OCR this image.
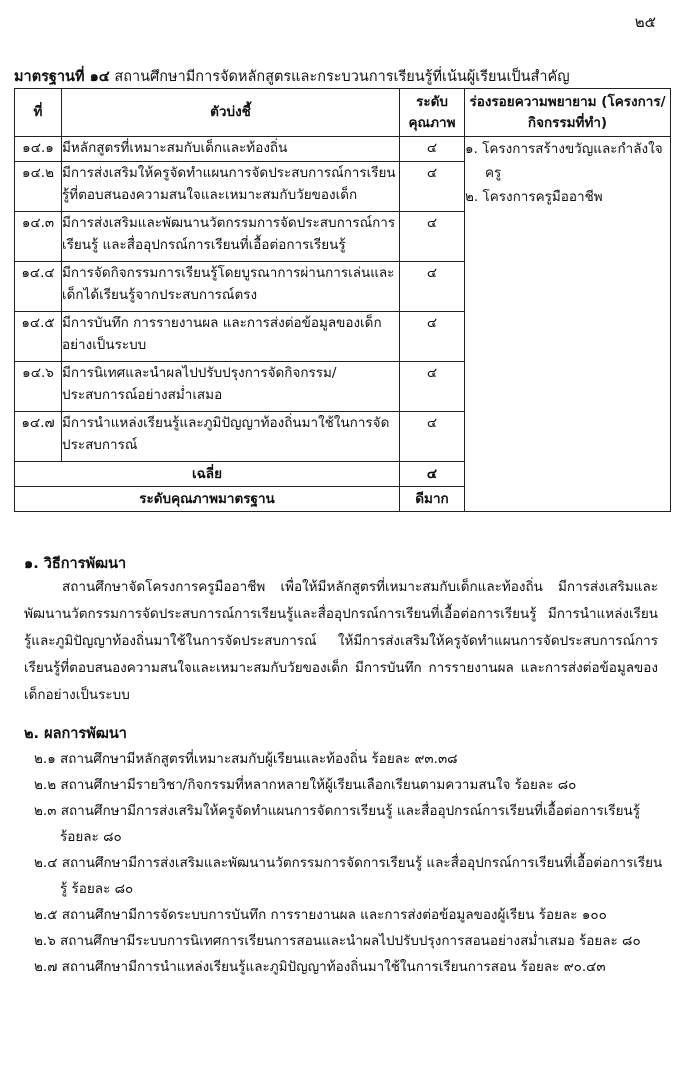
๒๕
มาตรฐานที่ ๑๔ สถานศึกษามีการจัดหลักสูตรและกระบวนการเรียนรู้ที่เน้นผู้เรียนเป็นสำคัญ
ที่	ตัวบ่งชี้	ระดับคุณภาพ	ร่องรอยความพยายาม (โครงการ/กิจกรรมที่ทำ)
๑๔.๑	มีหลักสูตรที่เหมาะสมกับเด็กและท้องถิ่น	๔	๑. โครงการสร้างขวัญและกำลังใจครู
๒. โครงการครูมืออาชีพ

๑๔.๒	มีการส่งเสริมให้ครูจัดทำแผนการจัดประสบการณ์การเรียนรู้ที่ตอบสนองความสนใจและเหมาะสมกับวัยของเด็ก	๔	
๑๔.๓	มีการส่งเสริมและพัฒนานวัตกรรมการจัดประสบการณ์การเรียนรู้ และสื่ออุปกรณ์การเรียนที่เอื้อต่อการเรียนรู้	๔	
๑๔.๔	มีการจัดกิจกรรมการเรียนรู้โดยบูรณาการผ่านการเล่นและเด็กได้เรียนรู้จากประสบการณ์ตรง	๔	
๑๔.๕	มีการบันทึก การรายงานผล และการส่งต่อข้อมูลของเด็กอย่างเป็นระบบ	๔	
๑๔.๖	มีการนิเทศและนำผลไปปรับปรุงการจัดกิจกรรม/ประสบการณ์อย่างสม่ำเสมอ	๔	
๑๔.๗	มีการนำแหล่งเรียนรู้และภูมิปัญญาท้องถิ่นมาใช้ในการจัดประสบการณ์	๔	
เฉลี่ย		๔	
ระดับคุณภาพมาตรฐาน		ดีมาก	
๑. วิธีการพัฒนา
สถานศึกษาจัดโครงการครูมืออาชีพ เพื่อให้มีหลักสูตรที่เหมาะสมกับเด็กและท้องถิ่น มีการส่งเสริมและพัฒนานวัตกรรมการจัดประสบการณ์การเรียนรู้และสื่ออุปกรณ์การเรียนที่เอื้อต่อการเรียนรู้ มีการนำแหล่งเรียนรู้และภูมิปัญญาท้องถิ่นมาใช้ในการจัดประสบการณ์ ให้มีการส่งเสริมให้ครูจัดทำแผนการจัดประสบการณ์การเรียนรู้ที่ตอบสนองความสนใจและเหมาะสมกับวัยของเด็ก มีการบันทึก การรายงานผล และการส่งต่อข้อมูลของเด็กอย่างเป็นระบบ
๒. ผลการพัฒนา
๒.๑ สถานศึกษามีหลักสูตรที่เหมาะสมกับผู้เรียนและท้องถิ่น ร้อยละ ๙๓.๓๘
๒.๒ สถานศึกษามีรายวิชา/กิจกรรมที่หลากหลายให้ผู้เรียนเลือกเรียนตามความสนใจ ร้อยละ ๘๐
๒.๓ สถานศึกษามีการส่งเสริมให้ครูจัดทำแผนการจัดการเรียนรู้ และสื่ออุปกรณ์การเรียนที่เอื้อต่อการเรียนรู้ ร้อยละ ๘๐
๒.๔ สถานศึกษามีการส่งเสริมและพัฒนานวัตกรรมการจัดการเรียนรู้ และสื่ออุปกรณ์การเรียนที่เอื้อต่อการเรียนรู้ ร้อยละ ๘๐
๒.๕ สถานศึกษามีการจัดระบบการบันทึก การรายงานผล และการส่งต่อข้อมูลของผู้เรียน ร้อยละ ๑๐๐
๒.๖ สถานศึกษามีระบบการนิเทศการเรียนการสอนและนำผลไปปรับปรุงการสอนอย่างสม่ำเสมอ ร้อยละ ๘๐
๒.๗ สถานศึกษามีการนำแหล่งเรียนรู้และภูมิปัญญาท้องถิ่นมาใช้ในการเรียนการสอน ร้อยละ ๙๐.๔๓
